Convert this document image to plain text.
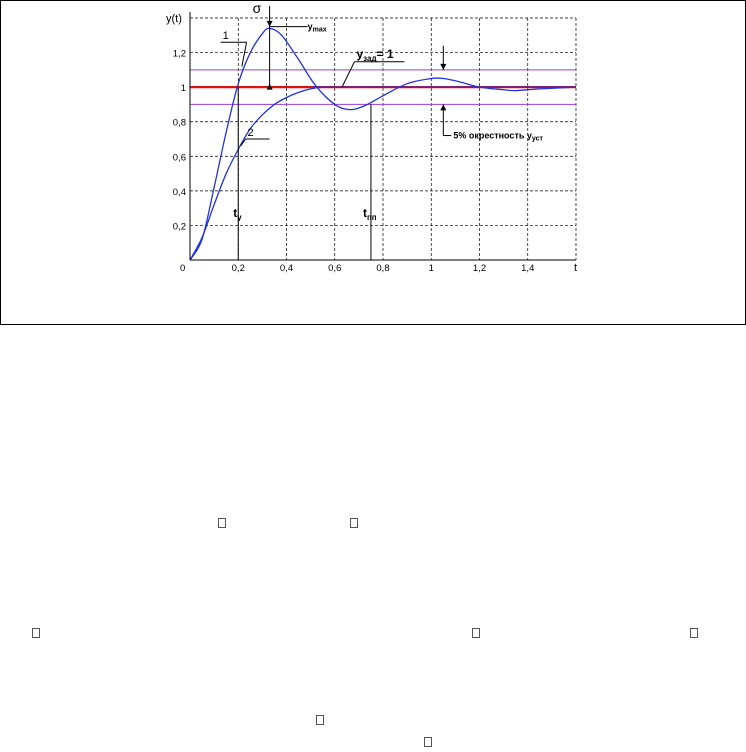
$t_у$	$t_{пп}$
σ
$y_{max}$
1
2
$у_{зад}= 1$
5% окрестность $у_{уст}$
0	0,2	0,4	0,6	0,8	1	1,2	1,4
0,2
0,4
0,6
0,8
1
1,2
y(t)
t
